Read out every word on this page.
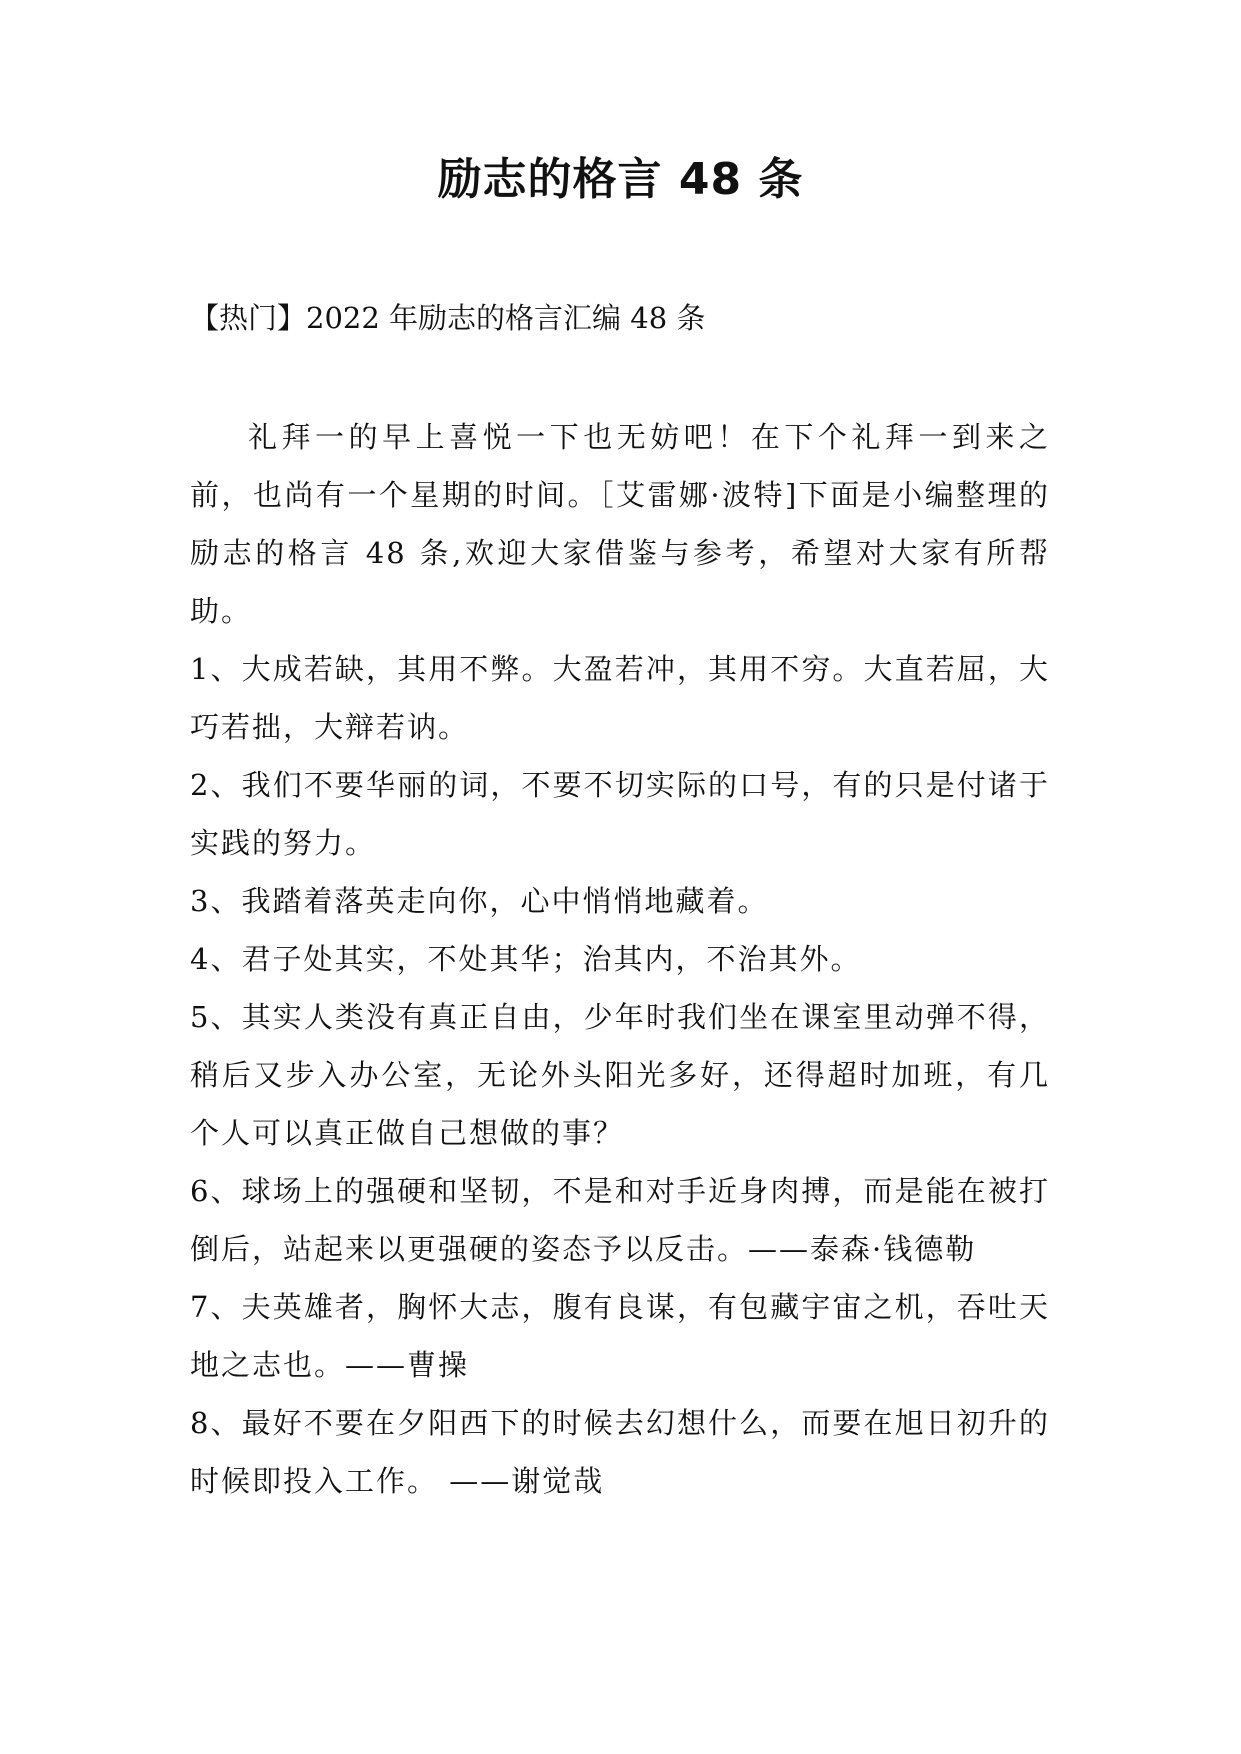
励志的格言 48 条

【热门】2022 年励志的格言汇编 48 条

礼拜一的早上喜悦一下也无妨吧！在下个礼拜一到来之前，也尚有一个星期的时间。［艾雷娜·波特]下面是小编整理的励志的格言 48 条,欢迎大家借鉴与参考，希望对大家有所帮助。

1、大成若缺，其用不弊。大盈若冲，其用不穷。大直若屈，大巧若拙，大辩若讷。

2、我们不要华丽的词，不要不切实际的口号，有的只是付诸于实践的努力。

3、我踏着落英走向你，心中悄悄地藏着。

4、君子处其实，不处其华；治其内，不治其外。

5、其实人类没有真正自由，少年时我们坐在课室里动弹不得，稍后又步入办公室，无论外头阳光多好，还得超时加班，有几个人可以真正做自己想做的事？

6、球场上的强硬和坚韧，不是和对手近身肉搏，而是能在被打倒后，站起来以更强硬的姿态予以反击。——泰森·钱德勒

7、夫英雄者，胸怀大志，腹有良谋，有包藏宇宙之机，吞吐天地之志也。——曹操

8、最好不要在夕阳西下的时候去幻想什么，而要在旭日初升的时候即投入工作。 ——谢觉哉
